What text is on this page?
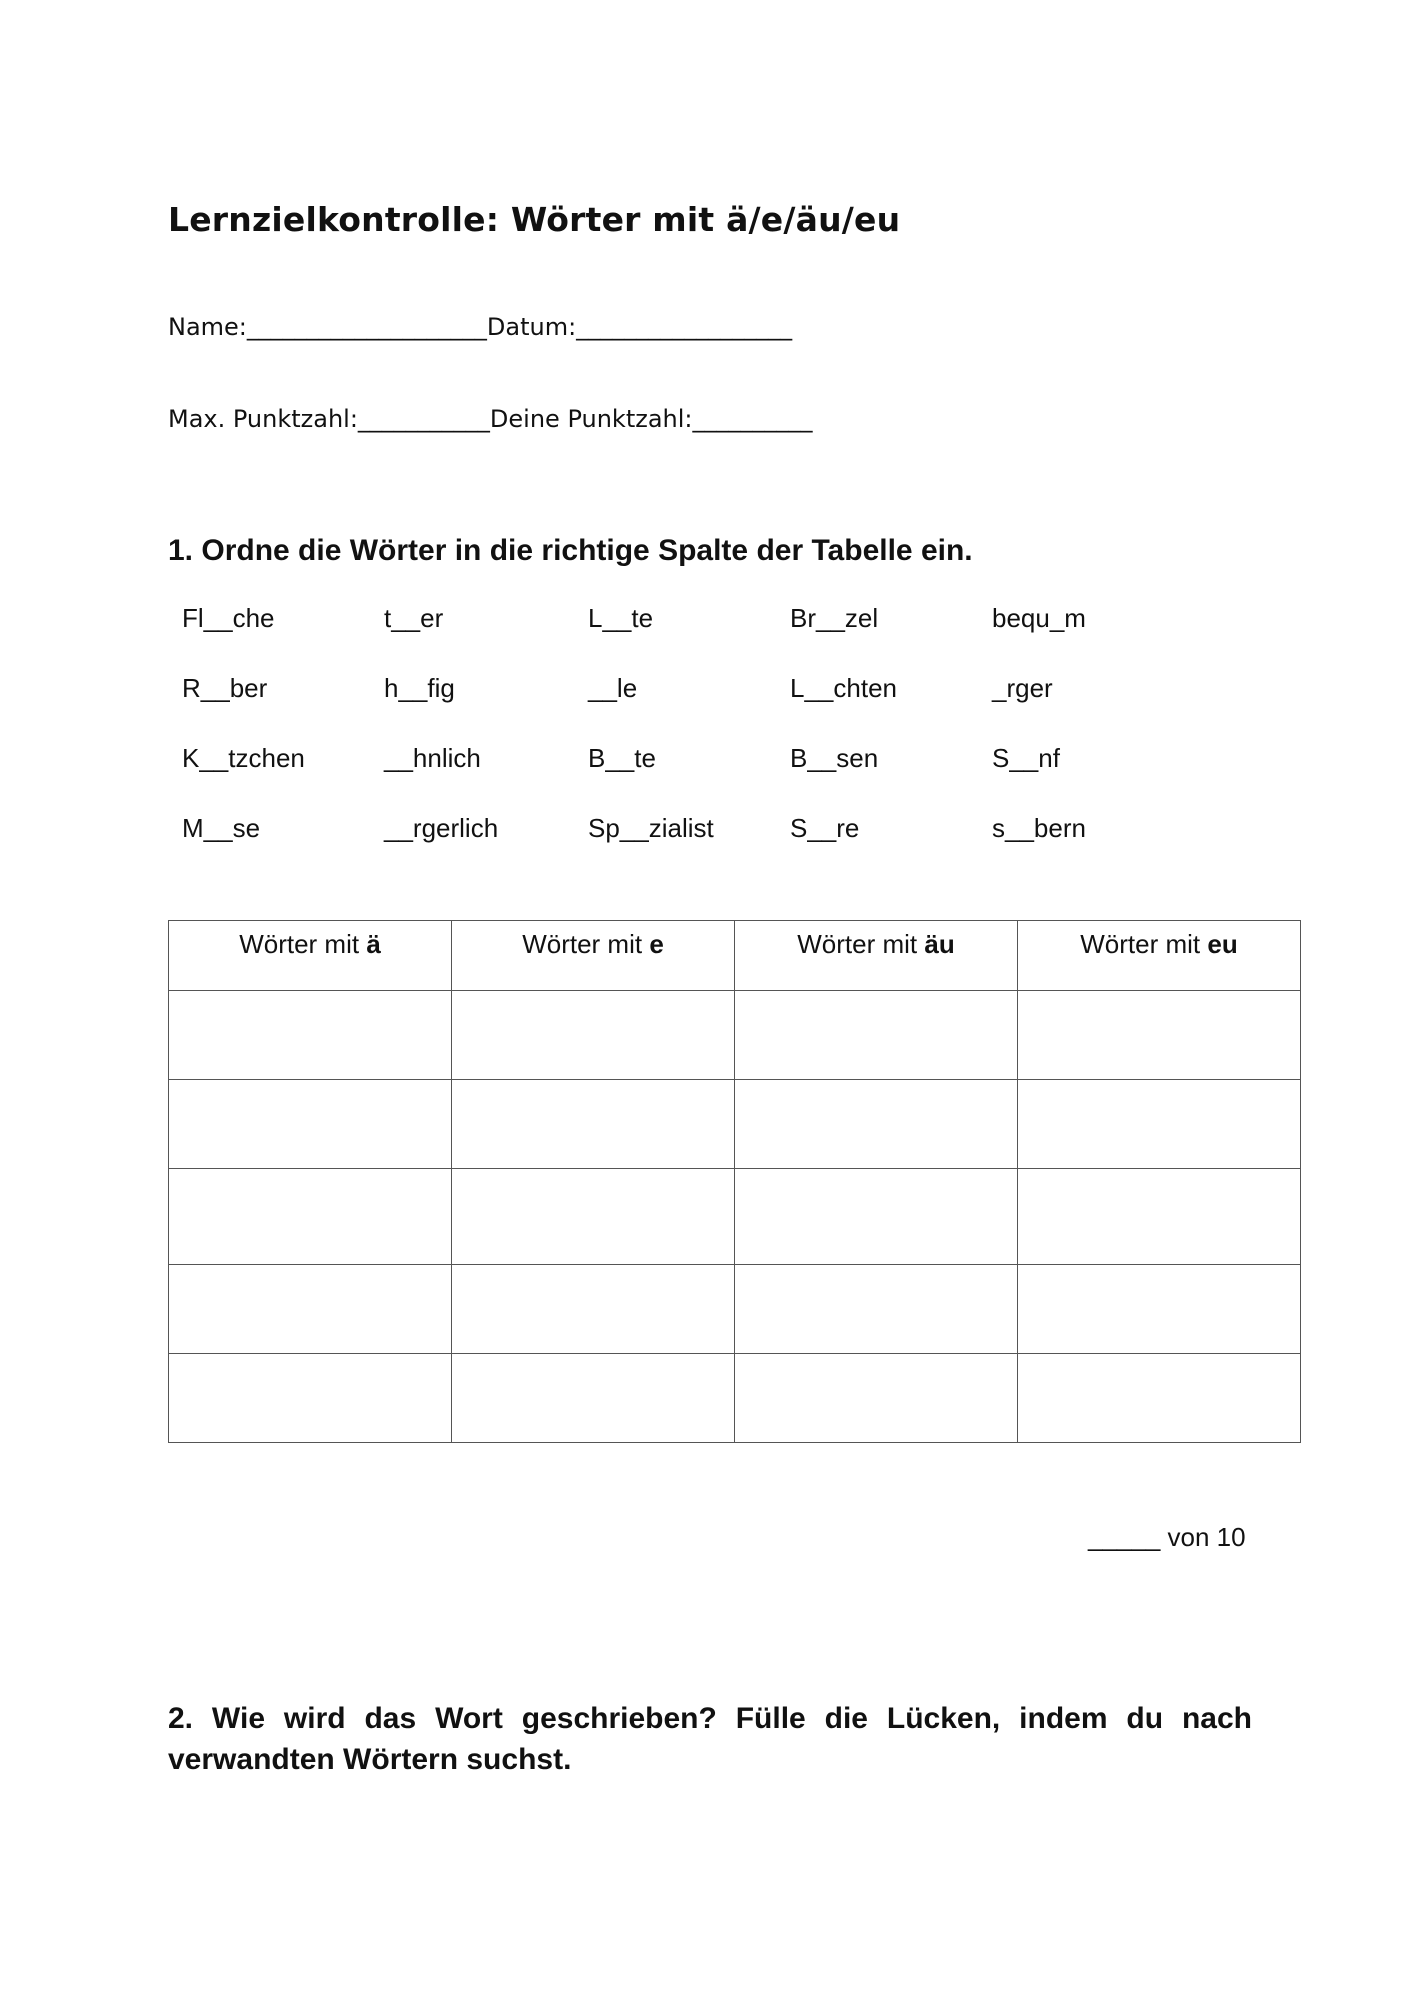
Lernzielkontrolle: Wörter mit ä/e/äu/eu
Name:____________________Datum:__________________
Max. Punktzahl:___________Deine Punktzahl:__________
1. Ordne die Wörter in die richtige Spalte der Tabelle ein.
Fl__che	t__er	L__te	Br__zel	bequ_m
R__ber	h__fig	__le	L__chten	_rger
K__tzchen	__hnlich	B__te	B__sen	S__nf
M__se	__rgerlich	Sp__zialist	S__re	s__bern
Wörter mit ä	Wörter mit e	Wörter mit äu	Wörter mit eu

_____ von 10
2. Wie wird das Wort geschrieben? Fülle die Lücken, indem du nach verwandten Wörtern suchst.
